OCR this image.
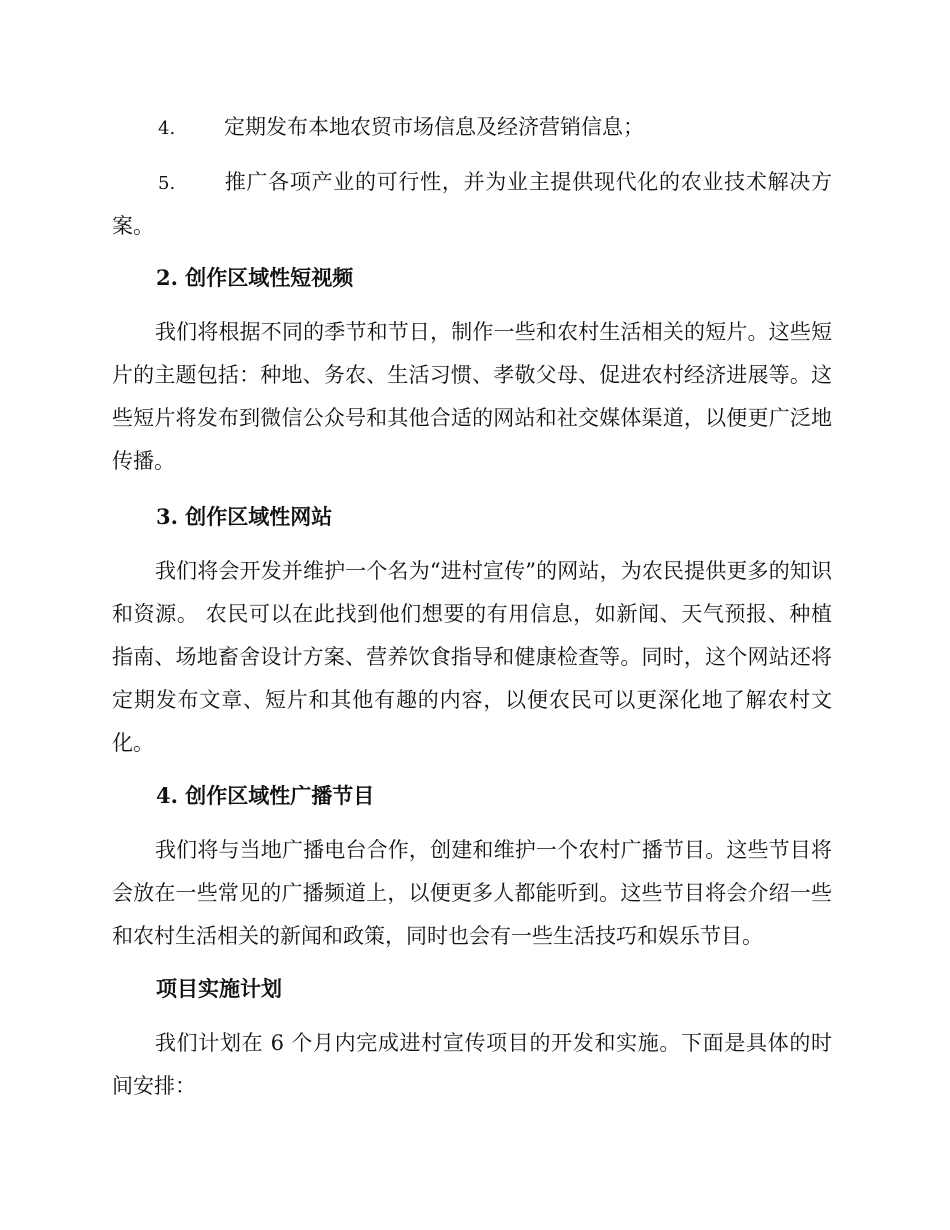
4. 定期发布本地农贸市场信息及经济营销信息；
5. 推广各项产业的可行性，并为业主提供现代化的农业技术解决方案。
2. 创作区域性短视频
我们将根据不同的季节和节日，制作一些和农村生活相关的短片。这些短片的主题包括：种地、务农、生活习惯、孝敬父母、促进农村经济进展等。这些短片将发布到微信公众号和其他合适的网站和社交媒体渠道，以便更广泛地传播。
3. 创作区域性网站
我们将会开发并维护一个名为“进村宣传”的网站，为农民提供更多的知识和资源。 农民可以在此找到他们想要的有用信息，如新闻、天气预报、种植指南、场地畜舍设计方案、营养饮食指导和健康检查等。同时，这个网站还将定期发布文章、短片和其他有趣的内容，以便农民可以更深化地了解农村文化。
4. 创作区域性广播节目
我们将与当地广播电台合作，创建和维护一个农村广播节目。这些节目将会放在一些常见的广播频道上，以便更多人都能听到。这些节目将会介绍一些和农村生活相关的新闻和政策，同时也会有一些生活技巧和娱乐节目。
项目实施计划
我们计划在 6 个月内完成进村宣传项目的开发和实施。下面是具体的时间安排：
